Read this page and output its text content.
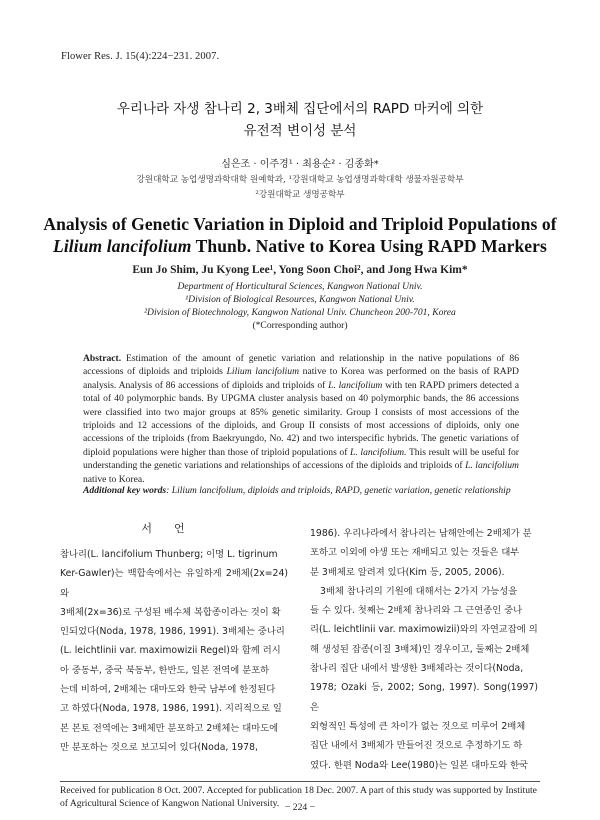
Flower Res. J. 15(4):224−231. 2007.
우리나라 자생 참나리 2, 3배체 집단에서의 RAPD 마커에 의한
유전적 변이성 분석
심은조 · 이주경¹ · 최용순² · 김종화*
강원대학교 농업생명과학대학 원예학과, ¹강원대학교 농업생명과학대학 생물자원공학부
²강원대학교 생명공학부
Analysis of Genetic Variation in Diploid and Triploid Populations of
Lilium lancifolium Thunb. Native to Korea Using RAPD Markers
Eun Jo Shim, Ju Kyong Lee¹, Yong Soon Choi², and Jong Hwa Kim*
Department of Horticultural Sciences, Kangwon National Univ.
¹Division of Biological Resources, Kangwon National Univ.
²Division of Biotechnology, Kangwon National Univ. Chuncheon 200-701, Korea
(*Corresponding author)
Abstract. Estimation of the amount of genetic variation and relationship in the native populations of 86 accessions of diploids and triploids Lilium lancifolium native to Korea was performed on the basis of RAPD analysis. Analysis of 86 accessions of diploids and triploids of L. lancifolium with ten RAPD primers detected a total of 40 polymorphic bands. By UPGMA cluster analysis based on 40 polymorphic bands, the 86 accessions were classified into two major groups at 85% genetic similarity. Group I consists of most accessions of the triploids and 12 accessions of the diploids, and Group II consists of most accessions of diploids, only one accessions of the triploids (from Baekryungdo, No. 42) and two interspecific hybrids. The genetic variations of diploid populations were higher than those of triploid populations of L. lancifolium. This result will be useful for understanding the genetic variations and relationships of accessions of the diploids and triploids of L. lancifolium native to Korea.
Additional key words: Lilium lancifolium, diploids and triploids, RAPD, genetic variation, genetic relationship
서언
참나리(L. lancifolium Thunberg; 이명 L. tigrinum
Ker-Gawler)는 백합속에서는 유일하게 2배체(2x=24)와
3배체(2x=36)로 구성된 배수체 복합종이라는 것이 확
인되었다(Noda, 1978, 1986, 1991). 3배체는 중나리
(L. leichtlinii var. maximowizii Regel)와 함께 러시
아 중동부, 중국 북동부, 한반도, 일본 전역에 분포하
는데 비하여, 2배체는 대마도와 한국 남부에 한정된다
고 하였다(Noda, 1978, 1986, 1991). 지리적으로 일
본 본토 전역에는 3배체만 분포하고 2배체는 대마도에
만 분포하는 것으로 보고되어 있다(Noda, 1978,
1986). 우리나라에서 참나리는 남해안에는 2배체가 분
포하고 이외에 야생 또는 재배되고 있는 것들은 대부
분 3배체로 알려져 있다(Kim 등, 2005, 2006).
3배체 참나리의 기원에 대해서는 2가지 가능성을
들 수 있다. 첫째는 2배체 참나리와 그 근연종인 중나
리(L. leichtlinii var. maximowizii)와의 자연교잡에 의
해 생성된 잡종(이질 3배체)인 경우이고, 둘째는 2배체
참나리 집단 내에서 발생한 3배체라는 것이다(Noda,
1978; Ozaki 등, 2002; Song, 1997). Song(1997)은
외형적인 특성에 큰 차이가 없는 것으로 미루어 2배체
집단 내에서 3배체가 만들어진 것으로 추정하기도 하
였다. 한편 Noda와 Lee(1980)는 일본 대마도와 한국
Received for publication 8 Oct. 2007. Accepted for publication 18 Dec. 2007. A part of this study was supported by Institute of Agricultural Science of Kangwon National University. − 224 −
